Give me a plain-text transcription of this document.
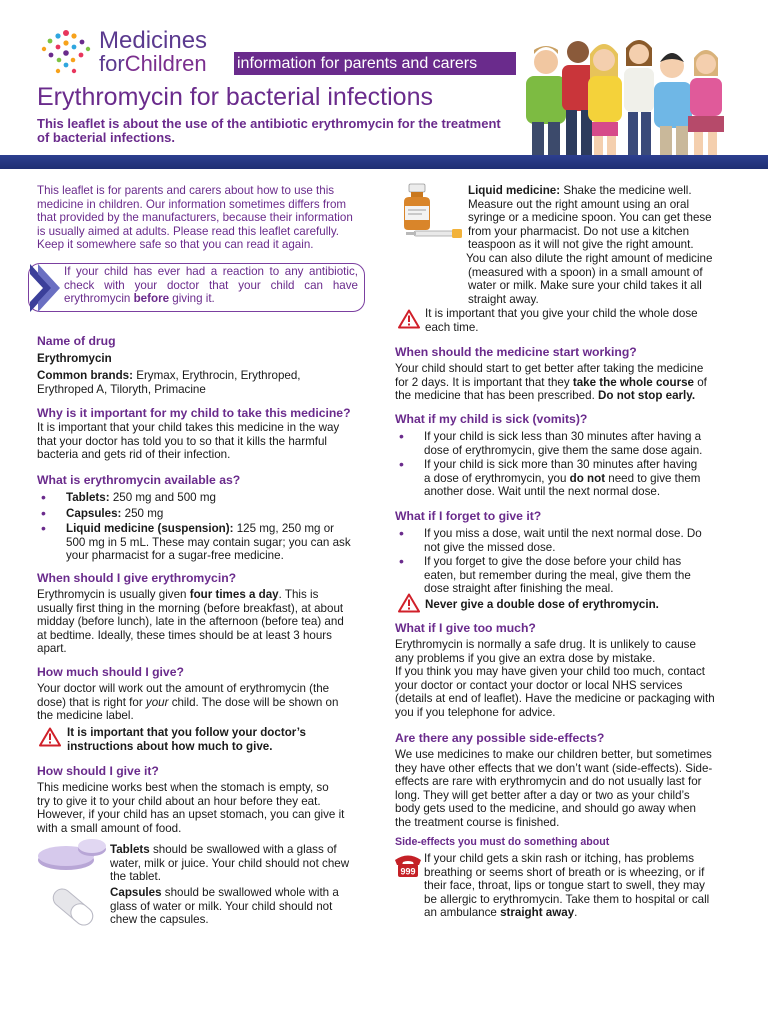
Medicines
forChildren information for parents and carers
Erythromycin for bacterial infections
This leaflet is about the use of the antibiotic erythromycin for the treatment of bacterial infections.
This leaflet is for parents and carers about how to use this
medicine in children. Our information sometimes differs from
that provided by the manufacturers, because their information
is usually aimed at adults. Please read this leaflet carefully.
Keep it somewhere safe so that you can read it again.
If your child has ever had a reaction to any antibiotic, check with your doctor that your child can have erythromycin before giving it.
Name of drug
Erythromycin
Common brands: Erymax, Erythrocin, Erythroped,
Erythroped A, Tiloryth, Primacine
Why is it important for my child to take this medicine?
It is important that your child takes this medicine in the way
that your doctor has told you to so that it kills the harmful
bacteria and gets rid of their infection.
What is erythromycin available as?
• Tablets: 250 mg and 500 mg
• Capsules: 250 mg
• Liquid medicine (suspension): 125 mg, 250 mg or
500 mg in 5 mL. These may contain sugar; you can ask
your pharmacist for a sugar-free medicine.
When should I give erythromycin?
Erythromycin is usually given four times a day. This is
usually first thing in the morning (before breakfast), at about
midday (before lunch), late in the afternoon (before tea) and
at bedtime. Ideally, these times should be at least 3 hours
apart.
How much should I give?
Your doctor will work out the amount of erythromycin (the
dose) that is right for your child. The dose will be shown on
the medicine label.
It is important that you follow your doctor’s
instructions about how much to give.
How should I give it?
This medicine works best when the stomach is empty, so
try to give it to your child about an hour before they eat.
However, if your child has an upset stomach, you can give it
with a small amount of food.
Tablets should be swallowed with a glass of
water, milk or juice. Your child should not chew
the tablet.
Capsules should be swallowed whole with a
glass of water or milk. Your child should not
chew the capsules.
Liquid medicine: Shake the medicine well.
Measure out the right amount using an oral
syringe or a medicine spoon. You can get these
from your pharmacist. Do not use a kitchen
teaspoon as it will not give the right amount.
You can also dilute the right amount of medicine
(measured with a spoon) in a small amount of
water or milk. Make sure your child takes it all
straight away.
It is important that you give your child the whole dose
each time.
When should the medicine start working?
Your child should start to get better after taking the medicine
for 2 days. It is important that they take the whole course of
the medicine that has been prescribed. Do not stop early.
What if my child is sick (vomits)?
• If your child is sick less than 30 minutes after having a
dose of erythromycin, give them the same dose again.
• If your child is sick more than 30 minutes after having
a dose of erythromycin, you do not need to give them
another dose. Wait until the next normal dose.
What if I forget to give it?
• If you miss a dose, wait until the next normal dose. Do
not give the missed dose.
• If you forget to give the dose before your child has
eaten, but remember during the meal, give them the
dose straight after finishing the meal.
Never give a double dose of erythromycin.
What if I give too much?
Erythromycin is normally a safe drug. It is unlikely to cause
any problems if you give an extra dose by mistake.
If you think you may have given your child too much, contact
your doctor or contact your doctor or local NHS services
(details at end of leaflet). Have the medicine or packaging with
you if you telephone for advice.
Are there any possible side-effects?
We use medicines to make our children better, but sometimes
they have other effects that we don’t want (side-effects). Side-
effects are rare with erythromycin and do not usually last for
long. They will get better after a day or two as your child’s
body gets used to the medicine, and should go away when
the treatment course is finished.
Side-effects you must do something about
999
If your child gets a skin rash or itching, has problems
breathing or seems short of breath or is wheezing, or if
their face, throat, lips or tongue start to swell, they may
be allergic to erythromycin. Take them to hospital or call
an ambulance straight away.
